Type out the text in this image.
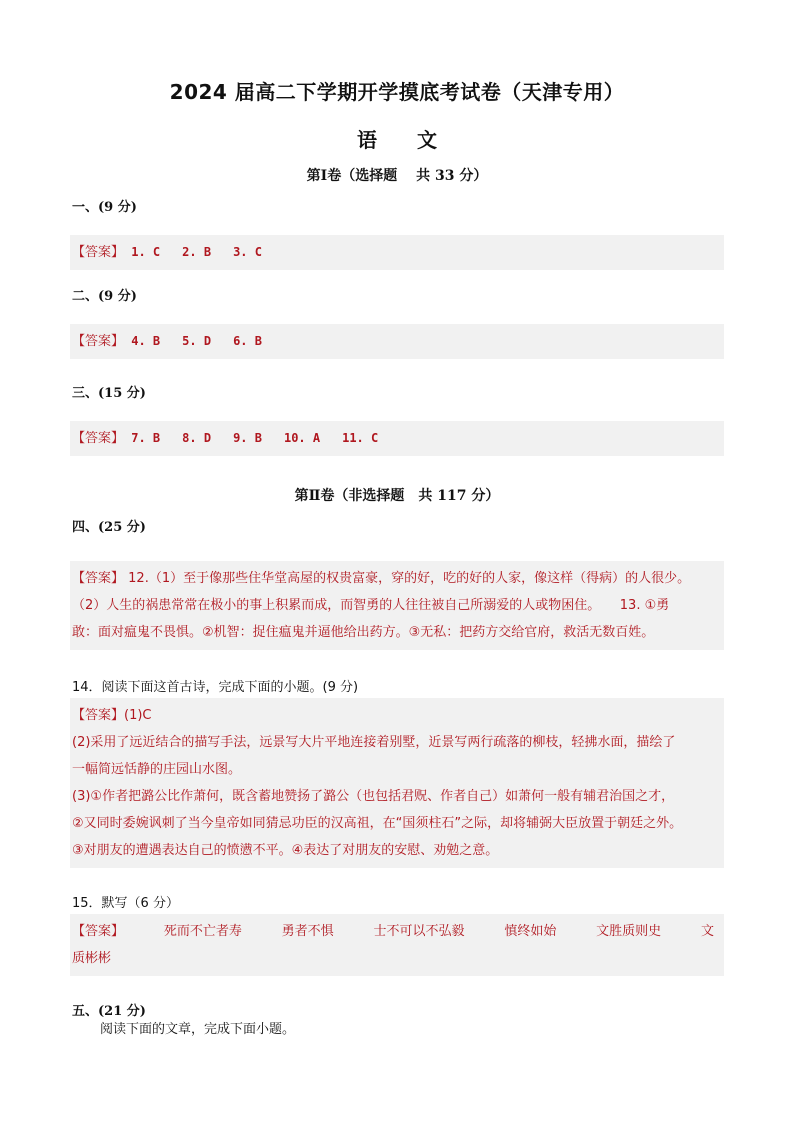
2024 届高二下学期开学摸底考试卷（天津专用）
语文
第Ⅰ卷（选择题　 共 33 分）
一、(9 分)
【答案】 1. C 2. B 3. C
二、(9 分)
【答案】 4. B 5. D 6. B
三、(15 分)
【答案】 7. B 8. D 9. B 10. A 11. C
第Ⅱ卷（非选择题　共 117 分）
四、(25 分)
【答案】 12.（1）至于像那些住华堂高屋的权贵富豪，穿的好，吃的好的人家，像这样（得病）的人很少。
（2）人生的祸患常常在极小的事上积累而成，而智勇的人往往被自己所溺爱的人或物困住。　　13. ①勇
敢：面对瘟鬼不畏惧。②机智：捉住瘟鬼并逼他给出药方。③无私：把药方交给官府，救活无数百姓。
14．阅读下面这首古诗，完成下面的小题。(9 分)
【答案】(1)C
(2)采用了远近结合的描写手法，远景写大片平地连接着别墅，近景写两行疏落的柳枝，轻拂水面，描绘了
一幅简远恬静的庄园山水图。
(3)①作者把潞公比作萧何，既含蓄地赞扬了潞公（也包括君贶、作者自己）如萧何一般有辅君治国之才，
②又同时委婉讽刺了当今皇帝如同猜忌功臣的汉高祖，在“国须柱石”之际，却将辅弼大臣放置于朝廷之外。
③对朋友的遭遇表达自己的愤懑不平。④表达了对朋友的安慰、劝勉之意。
15．默写（6 分）
【答案】	死而不亡者寿	勇者不惧	士不可以不弘毅	慎终如始	文胜质则史	文
质彬彬
五、(21 分)
阅读下面的文章，完成下面小题。
